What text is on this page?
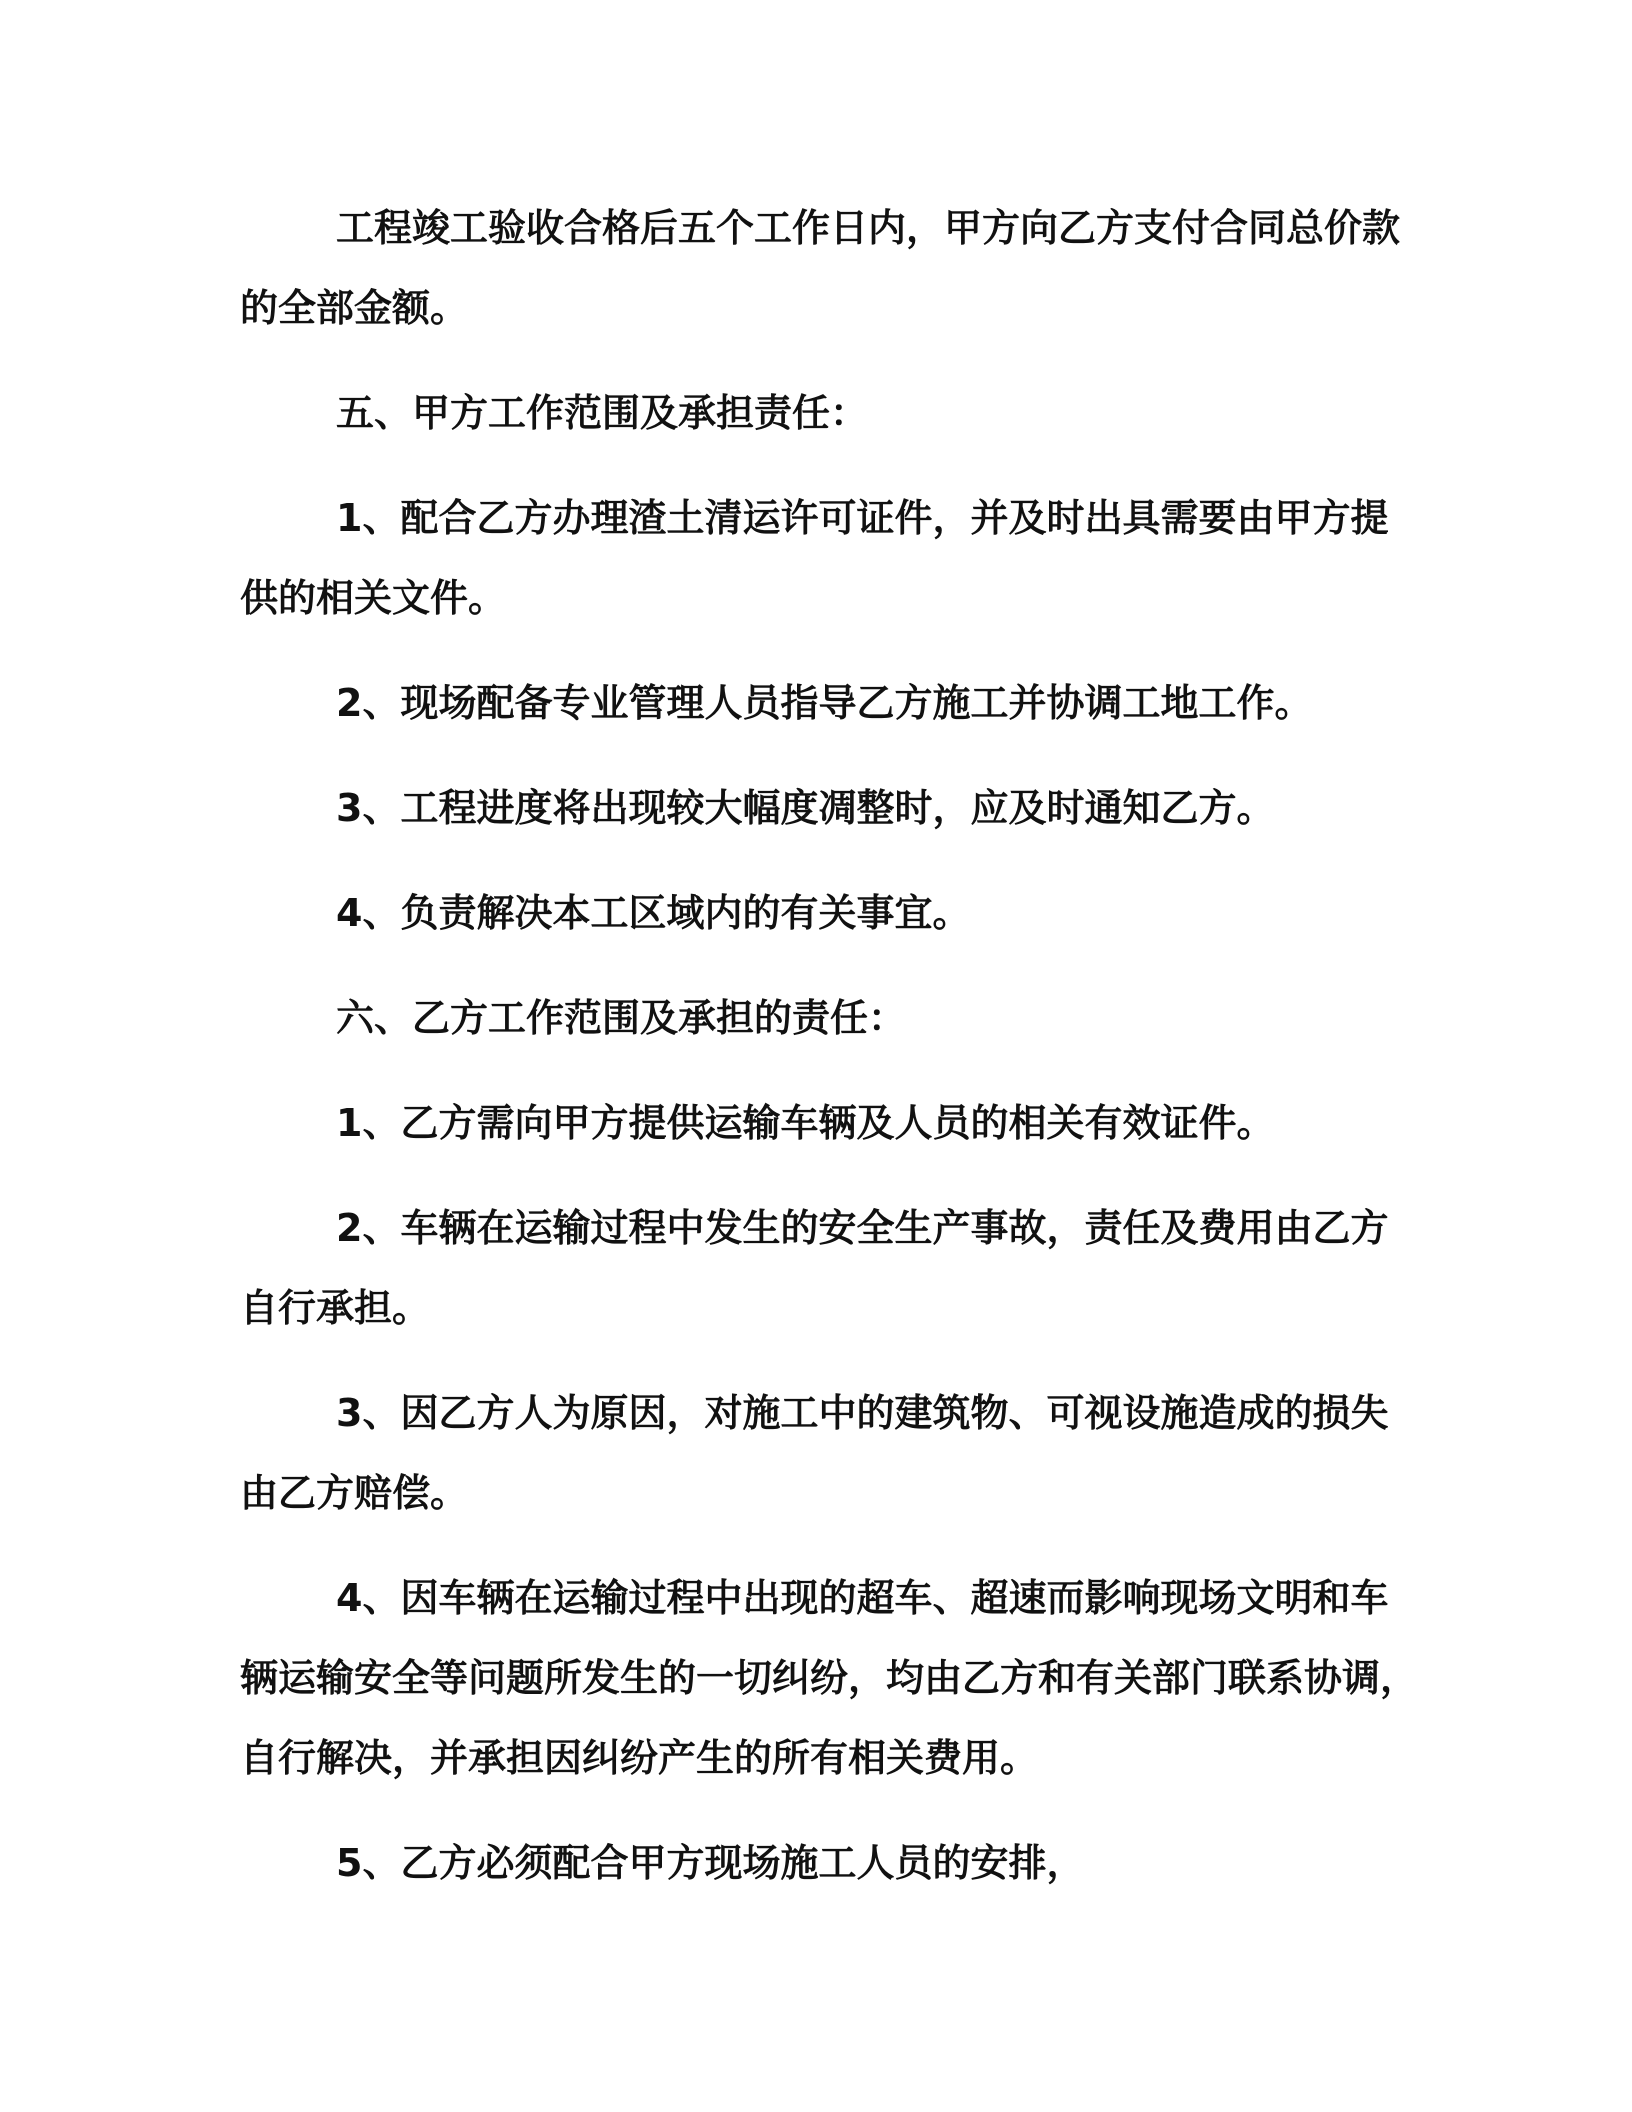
工程竣工验收合格后五个工作日内，甲方向乙方支付合同总价款
的全部金额。
五、甲方工作范围及承担责任：
1、配合乙方办理渣土清运许可证件，并及时出具需要由甲方提
供的相关文件。
2、现场配备专业管理人员指导乙方施工并协调工地工作。
3、工程进度将出现较大幅度凋整时，应及时通知乙方。
4、负责解决本工区域内的有关事宜。
六、乙方工作范围及承担的责任：
1、乙方需向甲方提供运输车辆及人员的相关有效证件。
2、车辆在运输过程中发生的安全生产事故，责任及费用由乙方
自行承担。
3、因乙方人为原因，对施工中的建筑物、可视设施造成的损失
由乙方赔偿。
4、因车辆在运输过程中出现的超车、超速而影响现场文明和车
辆运输安全等问题所发生的一切纠纷，均由乙方和有关部门联系协调，
自行解决，并承担因纠纷产生的所有相关费用。
5、乙方必须配合甲方现场施工人员的安排，
